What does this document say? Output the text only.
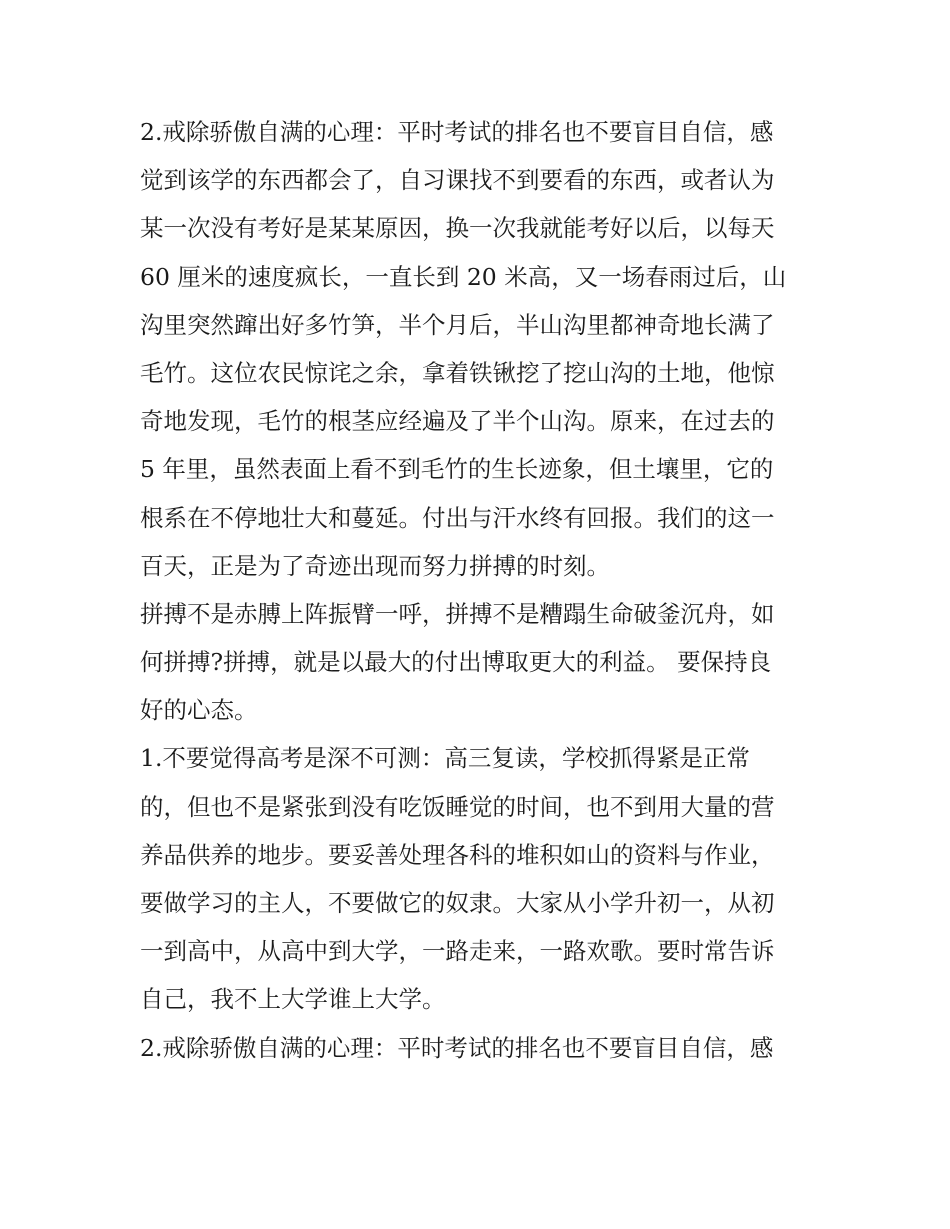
2.戒除骄傲自满的心理：平时考试的排名也不要盲目自信，感
觉到该学的东西都会了，自习课找不到要看的东西，或者认为
某一次没有考好是某某原因，换一次我就能考好以后，以每天
60 厘米的速度疯长，一直长到 20 米高，又一场春雨过后，山
沟里突然蹿出好多竹笋，半个月后，半山沟里都神奇地长满了
毛竹。这位农民惊诧之余，拿着铁锹挖了挖山沟的土地，他惊
奇地发现，毛竹的根茎应经遍及了半个山沟。原来，在过去的
5 年里，虽然表面上看不到毛竹的生长迹象，但土壤里，它的
根系在不停地壮大和蔓延。付出与汗水终有回报。我们的这一
百天，正是为了奇迹出现而努力拼搏的时刻。
拼搏不是赤膊上阵振臂一呼，拼搏不是糟蹋生命破釜沉舟，如
何拼搏?拼搏，就是以最大的付出博取更大的利益。 要保持良
好的心态。
1.不要觉得高考是深不可测：高三复读，学校抓得紧是正常
的，但也不是紧张到没有吃饭睡觉的时间，也不到用大量的营
养品供养的地步。要妥善处理各科的堆积如山的资料与作业，
要做学习的主人，不要做它的奴隶。大家从小学升初一，从初
一到高中，从高中到大学，一路走来，一路欢歌。要时常告诉
自己，我不上大学谁上大学。
2.戒除骄傲自满的心理：平时考试的排名也不要盲目自信，感
